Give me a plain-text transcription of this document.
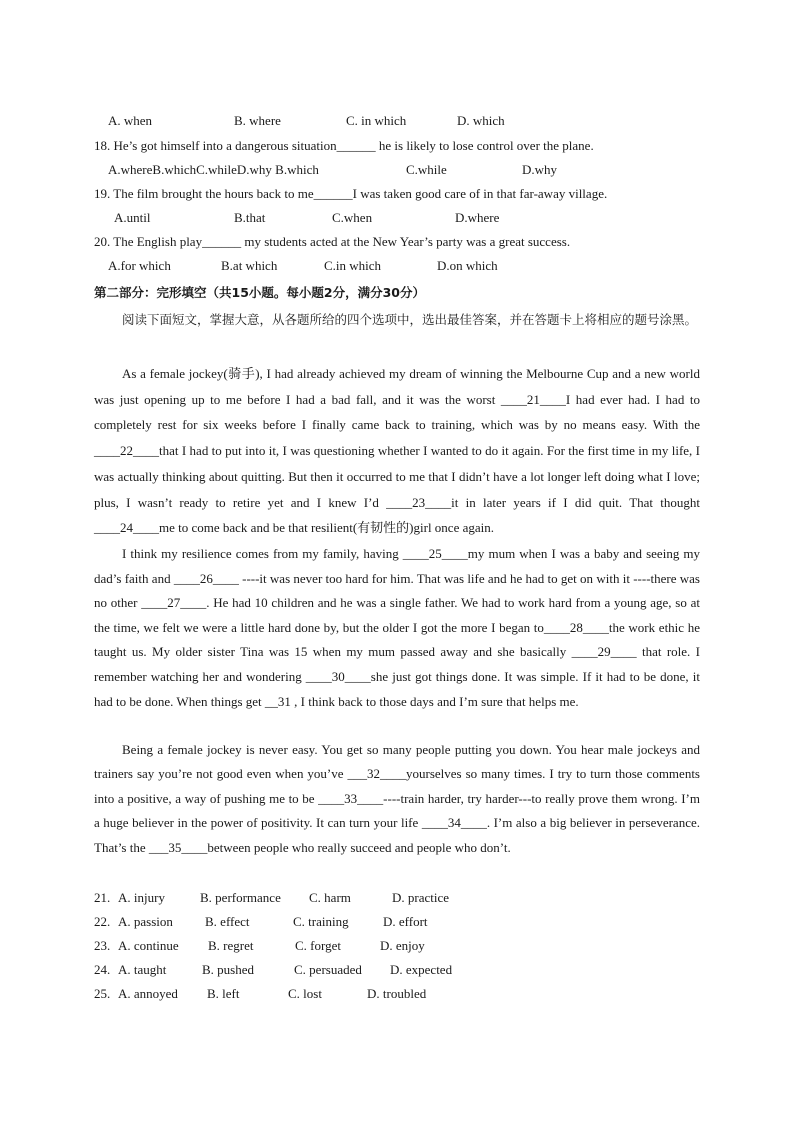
A. when	B. where	C. in which	D. which
18. He’s got himself into a dangerous situation______ he is likely to lose control over the plane.
A.whereB.whichC.whileD.why B.which	C.while	D.why
19. The film brought the hours back to me______I was taken good care of in that far-away village.
A.until	B.that	C.when	D.where
20. The English play______ my students acted at the New Year’s party was a great success.
A.for which	B.at which	C.in which	D.on which
第二部分：完形填空（共15小题。每小题2分，满分30分）

阅读下面短文，掌握大意，从各题所给的四个选项中，选出最佳答案，并在答题卡上将相应的题号涂黑。

As a female jockey(骑手), I had already achieved my dream of winning the Melbourne Cup and a new world was just opening up to me before I had a bad fall, and it was the worst ____21____I had ever had. I had to completely rest for six weeks before I finally came back to training, which was by no means easy. With the ____22____that I had to put into it, I was questioning whether I wanted to do it again. For the first time in my life, I was actually thinking about quitting. But then it occurred to me that I didn’t have a lot longer left doing what I love; plus, I wasn’t ready to retire yet and I knew I’d ____23____it in later years if I did quit. That thought ____24____me to come back and be that resilient(有韧性的)girl once again.

I think my resilience comes from my family, having ____25____my mum when I was a baby and seeing my dad’s faith and ____26____ ----it was never too hard for him. That was life and he had to get on with it ----there was no other ____27____. He had 10 children and he was a single father. We had to work hard from a young age, so at the time, we felt we were a little hard done by, but the older I got the more I began to____28____the work ethic he taught us. My older sister Tina was 15 when my mum passed away and she basically ____29____ that role. I remember watching her and wondering ____30____she just got things done. It was simple. If it had to be done, it had to be done. When things get __31 , I think back to those days and I’m sure that helps me.

Being a female jockey is never easy. You get so many people putting you down. You hear male jockeys and trainers say you’re not good even when you’ve ___32____yourselves so many times. I try to turn those comments into a positive, a way of pushing me to be ____33____----train harder, try harder---to really prove them wrong. I’m a huge believer in the power of positivity. It can turn your life ____34____. I’m also a big believer in perseverance. That’s the ___35____between people who really succeed and people who don’t.

21. A. injury	B. performance C. harm	D. practice
22. A. passion B. effect	C. training	D. effort
23. A. continue B. regret	C. forget	D. enjoy
24. A. taught	B. pushed	C. persuaded D. expected
25. A. annoyed B. left	C. lost	D. troubled
